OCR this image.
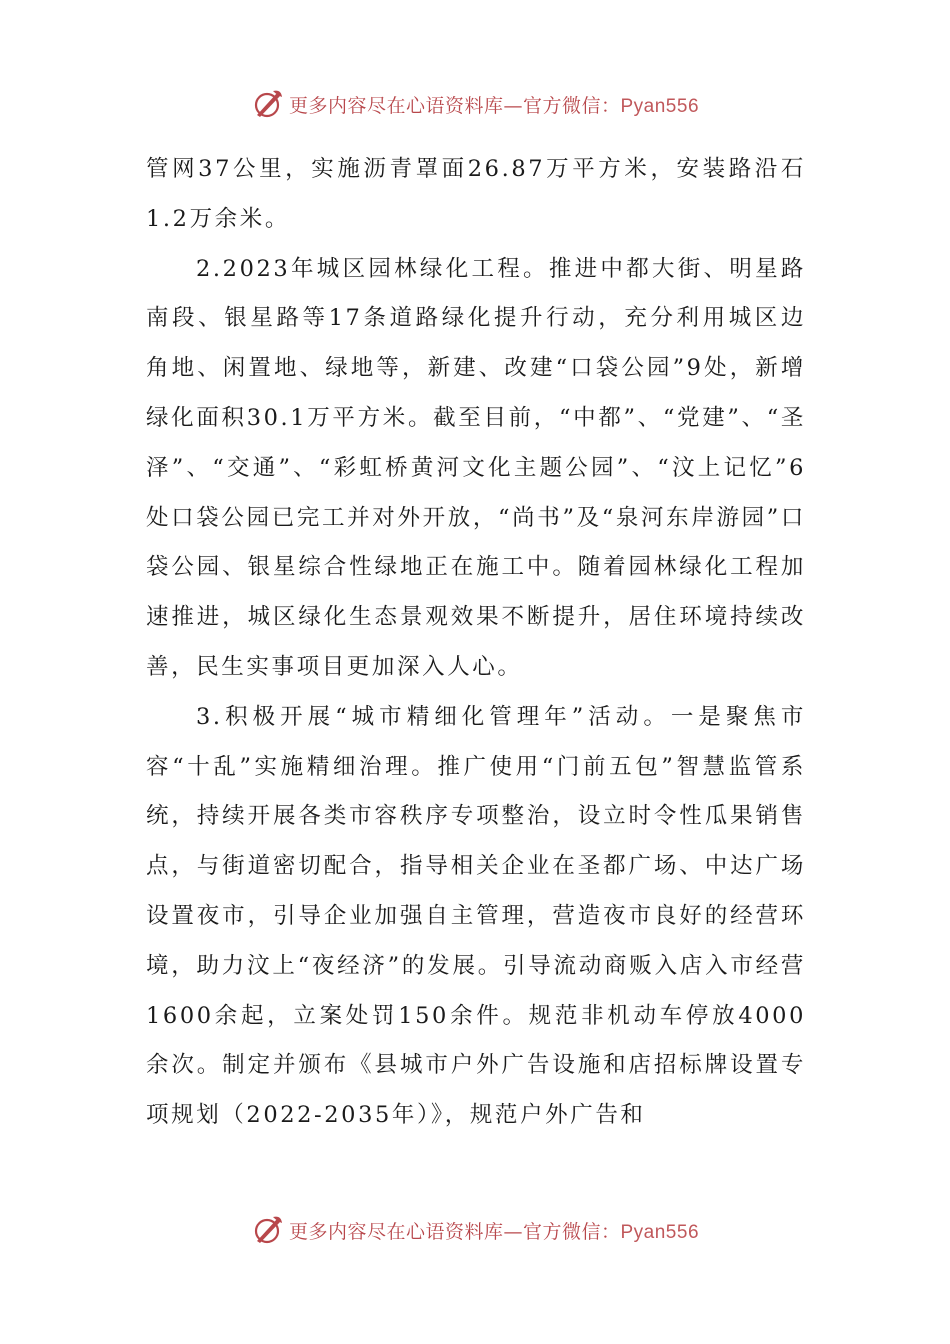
更多内容尽在心语资料库—官方微信：Pyan556

管网37公里，实施沥青罩面26.87万平方米，安装路沿石1.2万余米。

2.2023年城区园林绿化工程。推进中都大街、明星路南段、银星路等17条道路绿化提升行动，充分利用城区边角地、闲置地、绿地等，新建、改建“口袋公园”9处，新增绿化面积30.1万平方米。截至目前，“中都”、“党建”、“圣泽”、“交通”、“彩虹桥黄河文化主题公园”、“汶上记忆”6处口袋公园已完工并对外开放，“尚书”及“泉河东岸游园”口袋公园、银星综合性绿地正在施工中。随着园林绿化工程加速推进，城区绿化生态景观效果不断提升，居住环境持续改善，民生实事项目更加深入人心。

3.积极开展“城市精细化管理年”活动。一是聚焦市容“十乱”实施精细治理。推广使用“门前五包”智慧监管系统，持续开展各类市容秩序专项整治，设立时令性瓜果销售点，与街道密切配合，指导相关企业在圣都广场、中达广场设置夜市，引导企业加强自主管理，营造夜市良好的经营环境，助力汶上“夜经济”的发展。引导流动商贩入店入市经营1600余起，立案处罚150余件。规范非机动车停放4000余次。制定并颁布《县城市户外广告设施和店招标牌设置专项规划（2022-2035年）》，规范户外广告和

更多内容尽在心语资料库—官方微信：Pyan556
